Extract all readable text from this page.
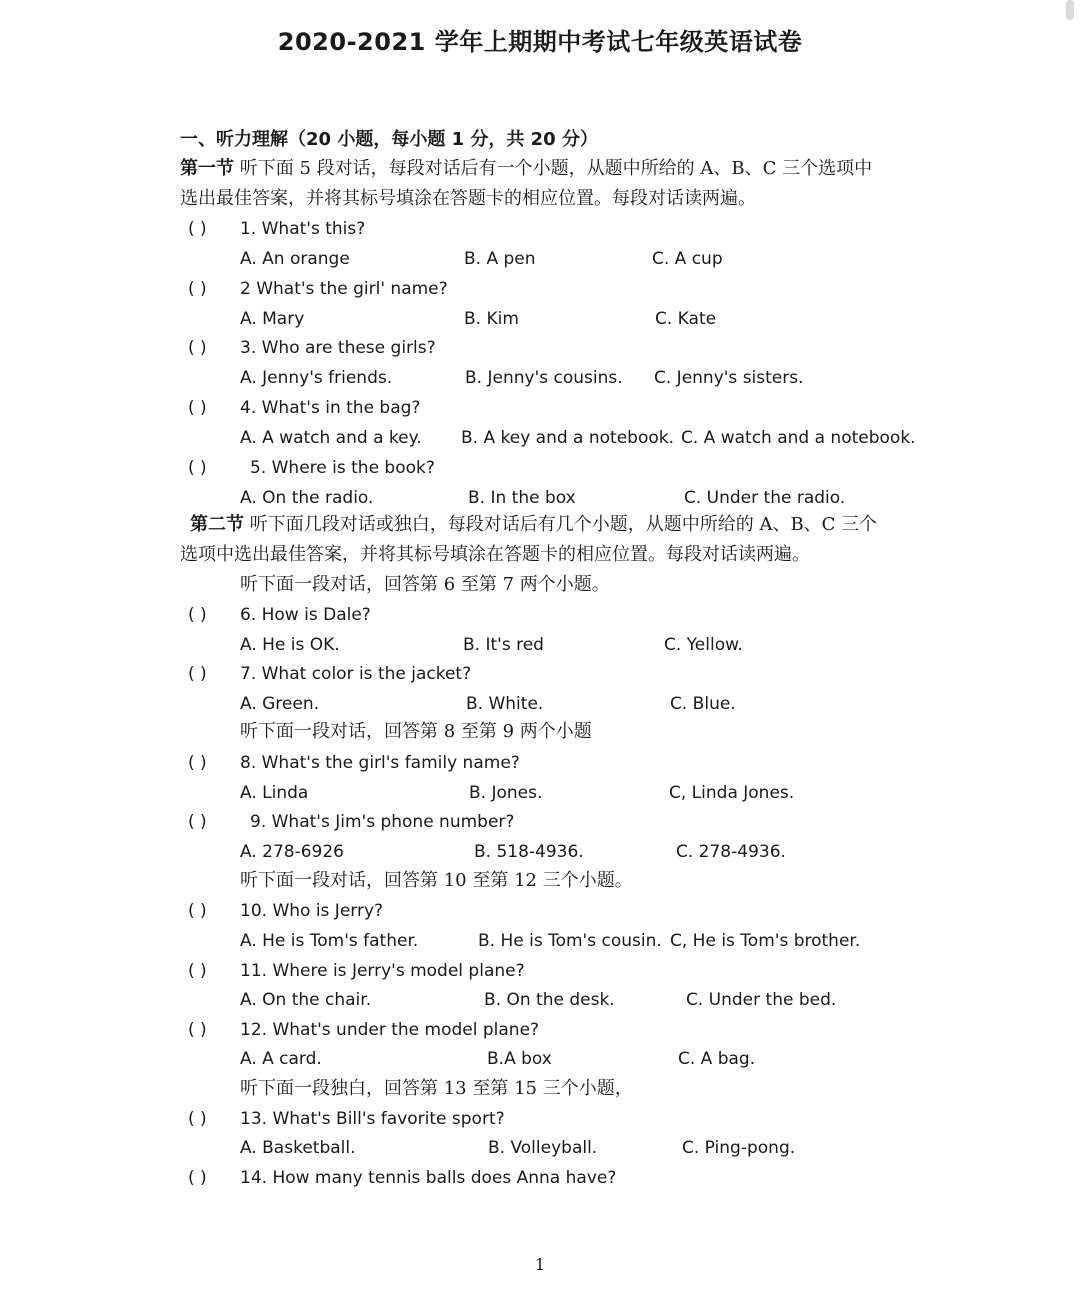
2020-2021 学年上期期中考试七年级英语试卷
一、听力理解（20 小题，每小题 1 分，共 20 分）
第一节 听下面 5 段对话，每段对话后有一个小题，从题中所给的 A、B、C 三个选项中
选出最佳答案，并将其标号填涂在答题卡的相应位置。每段对话读两遍。
( ) 1. What's this?
A. An orange	B. A pen	C. A cup
( ) 2 What's the girl' name?
A. Mary	B. Kim	C. Kate
( ) 3. Who are these girls?
A. Jenny's friends.	B. Jenny's cousins. C. Jenny's sisters.
( ) 4. What's in the bag?
A. A watch and a key. B. A key and a notebook. C. A watch and a notebook.
( )	5. Where is the book?
A. On the radio.	B. In the box	C. Under the radio.
第二节 听下面几段对话或独白，每段对话后有几个小题，从题中所给的 A、B、C 三个
选项中选出最佳答案，并将其标号填涂在答题卡的相应位置。每段对话读两遍。
听下面一段对话，回答第 6 至第 7 两个小题。
( ) 6. How is Dale?
A. He is OK.	B. It's red	C. Yellow.
( ) 7. What color is the jacket?
A. Green.	B. White.	C. Blue.
听下面一段对话，回答第 8 至第 9 两个小题
( ) 8. What's the girl's family name?
A. Linda	B. Jones.	C, Linda Jones.
( )	9. What's Jim's phone number?
A. 278-6926	B. 518-4936.	C. 278-4936.
听下面一段对话，回答第 10 至第 12 三个小题。
( ) 10. Who is Jerry?
A. He is Tom's father.	B. He is Tom's cousin. C, He is Tom's brother.
( ) 11. Where is Jerry's model plane?
A. On the chair.	B. On the desk.	C. Under the bed.
( ) 12. What's under the model plane?
A. A card.	B.A box	C. A bag.
听下面一段独白，回答第 13 至第 15 三个小题，
( ) 13. What's Bill's favorite sport?
A. Basketball.	B. Volleyball.	C. Ping-pong.
( ) 14. How many tennis balls does Anna have?
1
